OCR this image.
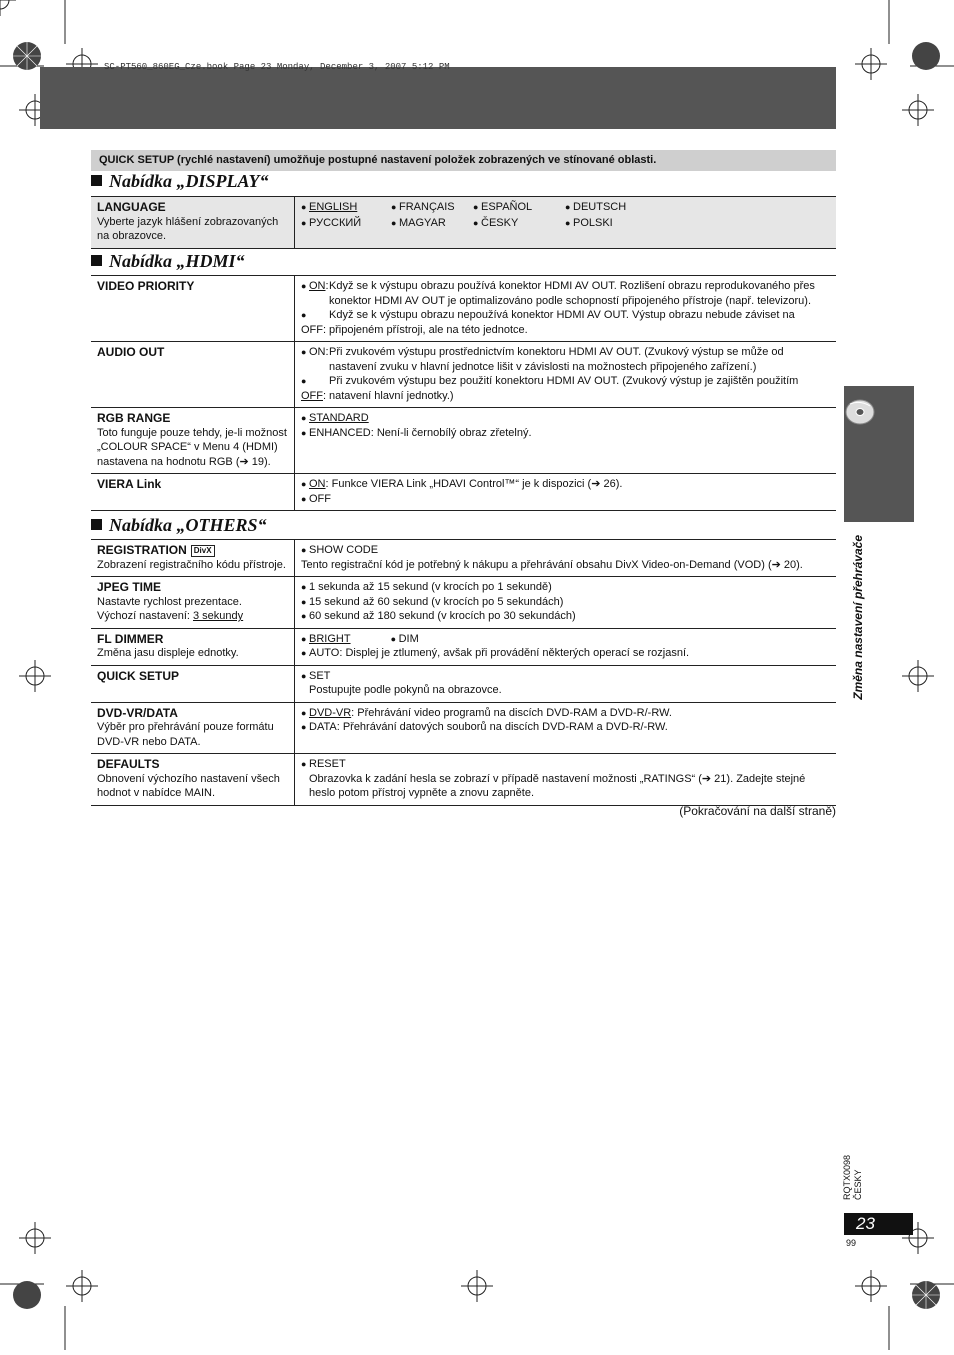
SC-PT560_860EG_Cze.book Page 23 Monday, December 3, 2007 5:12 PM
QUICK SETUP (rychlé nastavení) umožňuje postupné nastavení položek zobrazených ve stínované oblasti.
Nabídka „DISPLAY“
LANGUAGE
Vyberte jazyk hlášení zobrazovaných na obrazovce.

● ENGLISH	● FRANÇAIS	● ESPAÑOL	● DEUTSCH
● РУССКИЙ	● MAGYAR	● ČESKY	● POLSKI
Nabídka „HDMI“
VIDEO PRIORITY	● ON: Když se k výstupu obrazu používá konektor HDMI AV OUT. Rozlišení obrazu reprodukovaného přes konektor HDMI AV OUT je optimalizováno podle schopností připojeného přístroje (např. televizoru).
●OFF:
Když se k výstupu obrazu nepoužívá konektor HDMI AV OUT. Výstup obrazu nebude záviset na připojeném přístroji, ale na této jednotce.

AUDIO OUT	● ON: Při zvukovém výstupu prostřednictvím konektoru HDMI AV OUT. (Zvukový výstup se může od nastavení zvuku v hlavní jednotce lišit v závislosti na možnostech připojeného zařízení.)
●OFF:
Při zvukovém výstupu bez použití konektoru HDMI AV OUT. (Zvukový výstup je zajištěn použitím natavení hlavní jednotky.)

RGB RANGE
Toto funguje pouze tehdy, je-li možnost „COLOUR SPACE“ v Menu 4 (HDMI) nastavena na hodnotu RGB (➔ 19).	● STANDARD
● ENHANCED: Není-li černobílý obraz zřetelný.

VIERA Link	● ON: Funkce VIERA Link „HDAVI Control™“ je k dispozici (➔ 26).
● OFF
Nabídka „OTHERS“
REGISTRATION DivX
Zobrazení registračního kódu přístroje.	● SHOW CODE
Tento registrační kód je potřebný k nákupu a přehrávání obsahu DivX Video-on-Demand (VOD) (➔ 20).

JPEG TIME
Nastavte rychlost prezentace.
Výchozí nastavení: 3 sekundy	● 1 sekunda až 15 sekund (v krocích po 1 sekundě)
● 15 sekund až 60 sekund (v krocích po 5 sekundách)
● 60 sekund až 180 sekund (v krocích po 30 sekundách)

FL DIMMER
Změna jasu displeje ednotky.	● BRIGHT ● DIM
● AUTO: Displej je ztlumený, avšak při provádění některých operací se rozjasní.

QUICK SETUP	● SET
Postupujte podle pokynů na obrazovce.

DVD-VR/DATA
Výběr pro přehrávání pouze formátu DVD-VR nebo DATA.	● DVD-VR: Přehrávání video programů na discích DVD-RAM a DVD-R/-RW.
● DATA: Přehrávání datových souborů na discích DVD-RAM a DVD-R/-RW.

DEFAULTS
Obnovení výchozího nastavení všech hodnot v nabídce MAIN.	● RESET
Obrazovka k zadání hesla se zobrazí v případě nastavení možnosti „RATINGS“ (➔ 21). Zadejte stejné heslo potom přístroj vypněte a znovu zapněte.
(Pokračování na další straně)
Změna nastavení přehrávače
RQTX0098 ČESKY
23
99
